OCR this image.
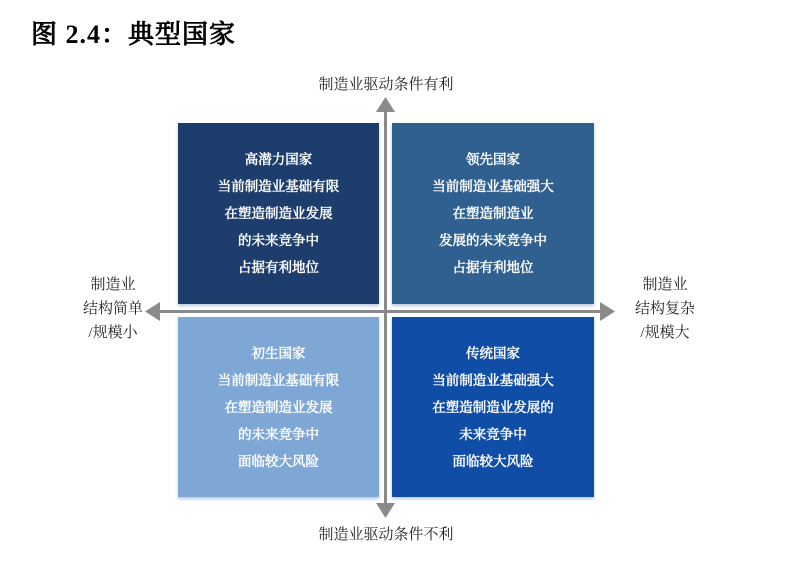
图 2.4：典型国家
制造业驱动条件有利
制造业
结构简单
/规模小
制造业
结构复杂
/规模大
高潜力国家
当前制造业基础有限
在塑造制造业发展
的未来竞争中
占据有利地位
领先国家
当前制造业基础强大
在塑造制造业
发展的未来竞争中
占据有利地位
初生国家
当前制造业基础有限
在塑造制造业发展
的未来竞争中
面临较大风险
传统国家
当前制造业基础强大
在塑造制造业发展的
未来竞争中
面临较大风险
制造业驱动条件不利
